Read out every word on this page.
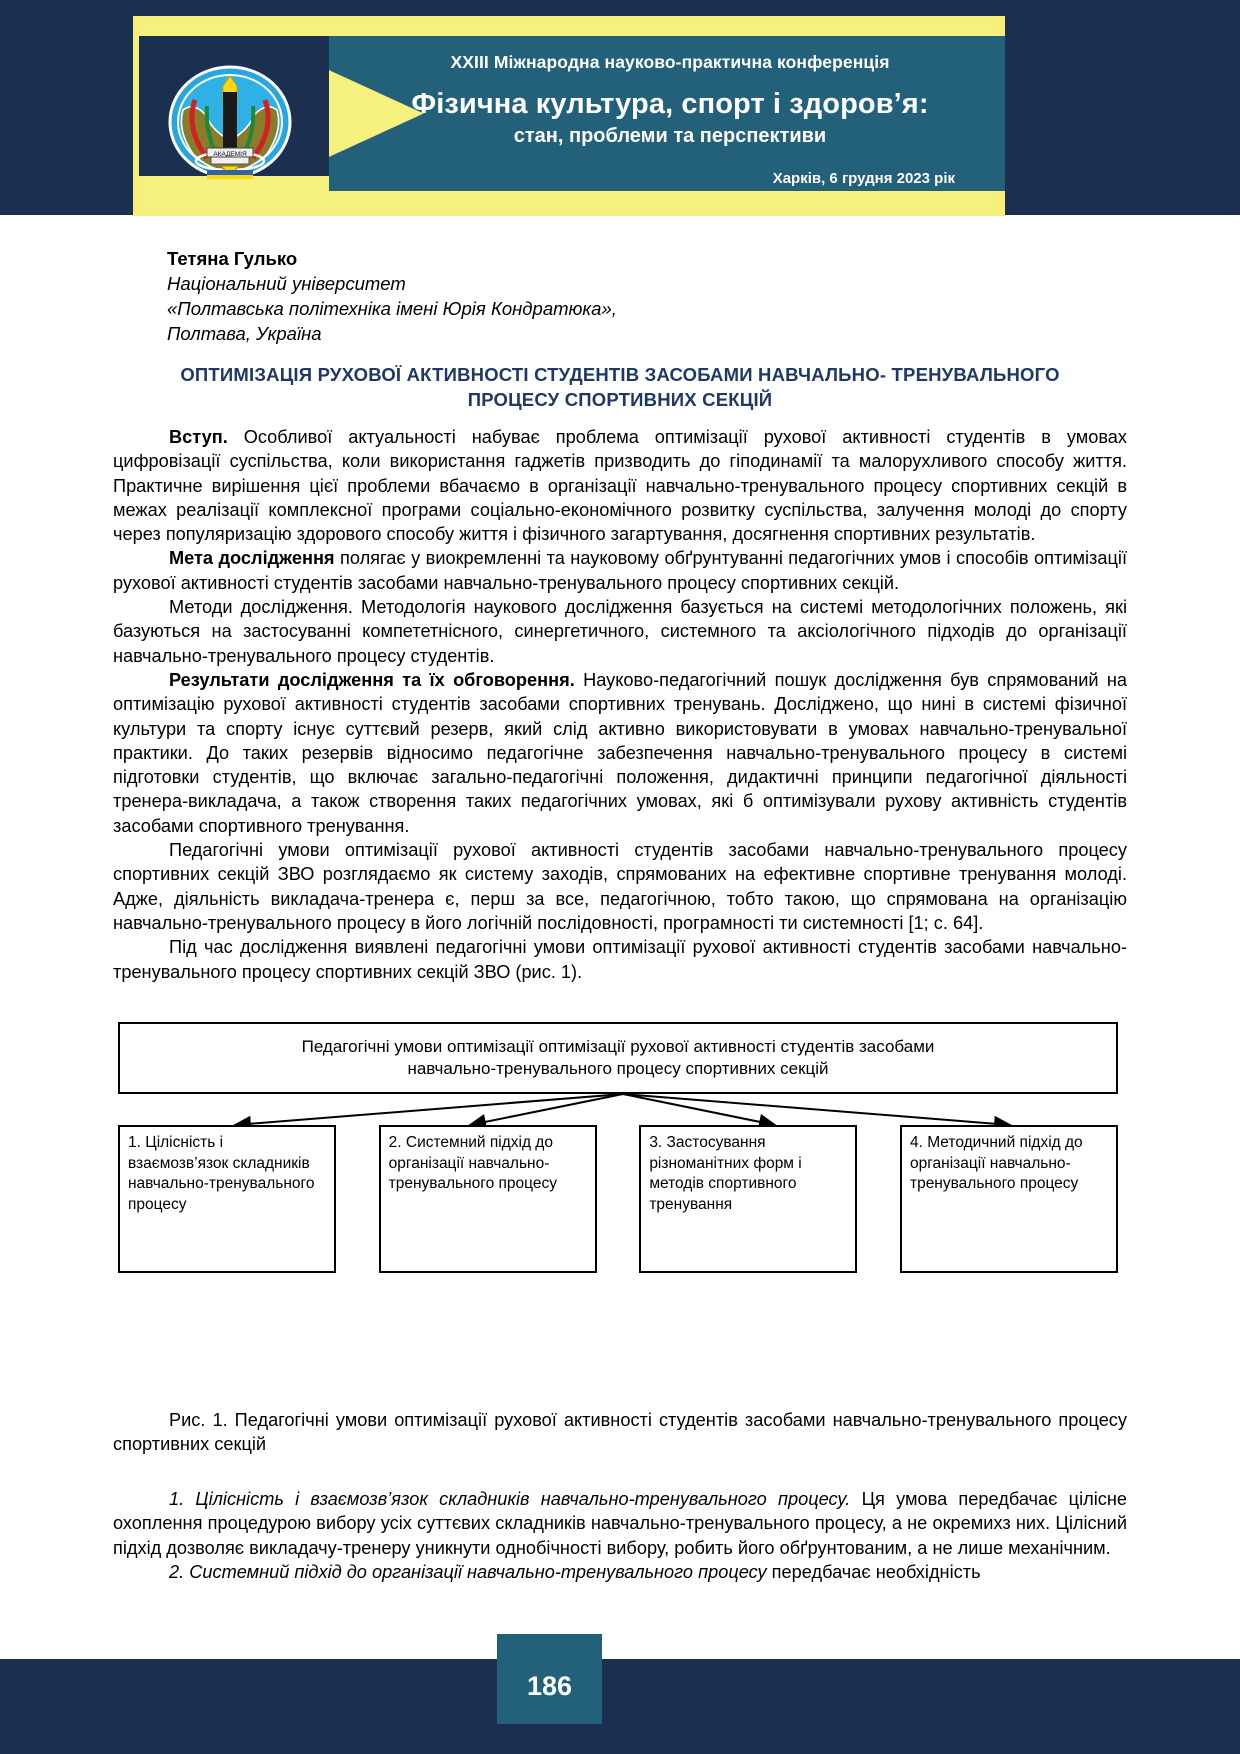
АКАДЕМІЯ
XXIII Міжнародна науково-практична конференція
Фізична культура, спорт і здоров’я:
стан, проблеми та перспективи
Харків, 6 грудня 2023 рік
Тетяна Гулько
Національний університет
«Полтавська політехніка імені Юрія Кондратюка»,
Полтава, Україна
ОПТИМІЗАЦІЯ РУХОВОЇ АКТИВНОСТІ СТУДЕНТІВ ЗАСОБАМИ НАВЧАЛЬНО- ТРЕНУВАЛЬНОГО ПРОЦЕСУ СПОРТИВНИХ СЕКЦІЙ

Вступ. Особливої актуальності набуває проблема оптимізації рухової активності студентів в умовах цифровізації суспільства, коли використання гаджетів призводить до гіподинамії та малорухливого способу життя. Практичне вирішення цієї проблеми вбачаємо в організації навчально-тренувального процесу спортивних секцій в межах реалізації комплексної програми соціально-економічного розвитку суспільства, залучення молоді до спорту через популяризацію здорового способу життя і фізичного загартування, досягнення спортивних результатів.

Мета дослідження полягає у виокремленні та науковому обґрунтуванні педагогічних умов і способів оптимізації рухової активності студентів засобами навчально-тренувального процесу спортивних секцій.

Методи дослідження. Методологія наукового дослідження базується на системі методологічних положень, які базуються на застосуванні компететнісного, синергетичного, системного та аксіологічного підходів до організації навчально-тренувального процесу студентів.

Результати дослідження та їх обговорення. Науково-педагогічний пошук дослідження був спрямований на оптимізацію рухової активності студентів засобами спортивних тренувань. Досліджено, що нині в системі фізичної культури та спорту існує суттєвий резерв, який слід активно використовувати в умовах навчально-тренувальної практики. До таких резервів відносимо педагогічне забезпечення навчально-тренувального процесу в системі підготовки студентів, що включає загально-педагогічні положення, дидактичні принципи педагогічної діяльності тренера-викладача, а також створення таких педагогічних умовах, які б оптимізували рухову активність студентів засобами спортивного тренування.

Педагогічні умови оптимізації рухової активності студентів засобами навчально-тренувального процесу спортивних секцій ЗВО розглядаємо як систему заходів, спрямованих на ефективне спортивне тренування молоді. Адже, діяльність викладача-тренера є, перш за все, педагогічною, тобто такою, що спрямована на організацію навчально-тренувального процесу в його логічній послідовності, програмності ти системності [1; с. 64].

Під час дослідження виявлені педагогічні умови оптимізації рухової активності студентів засобами навчально-тренувального процесу спортивних секцій ЗВО (рис. 1).

Педагогічні умови оптимізації оптимізації рухової активності студентів засобами
навчально-тренувального процесу спортивних секцій
1. Цілісність і взаємозв’язок складників навчально-тренувального процесу
2. Системний підхід до організації навчально-тренувального процесу
3. Застосування різноманітних форм і методів спортивного тренування
4. Методичний підхід до організації навчально-тренувального процесу

Рис. 1. Педагогічні умови оптимізації рухової активності студентів засобами навчально-тренувального процесу спортивних секцій

1. Цілісність і взаємозв’язок складників навчально-тренувального процесу. Ця умова передбачає цілісне охоплення процедурою вибору усіх суттєвих складників навчально-тренувального процесу, а не окремихз них. Цілісний підхід дозволяє викладачу-тренеру уникнути однобічності вибору, робить його обґрунтованим, а не лише механічним.

2. Системний підхід до організації навчально-тренувального процесу передбачає необхідність

186
